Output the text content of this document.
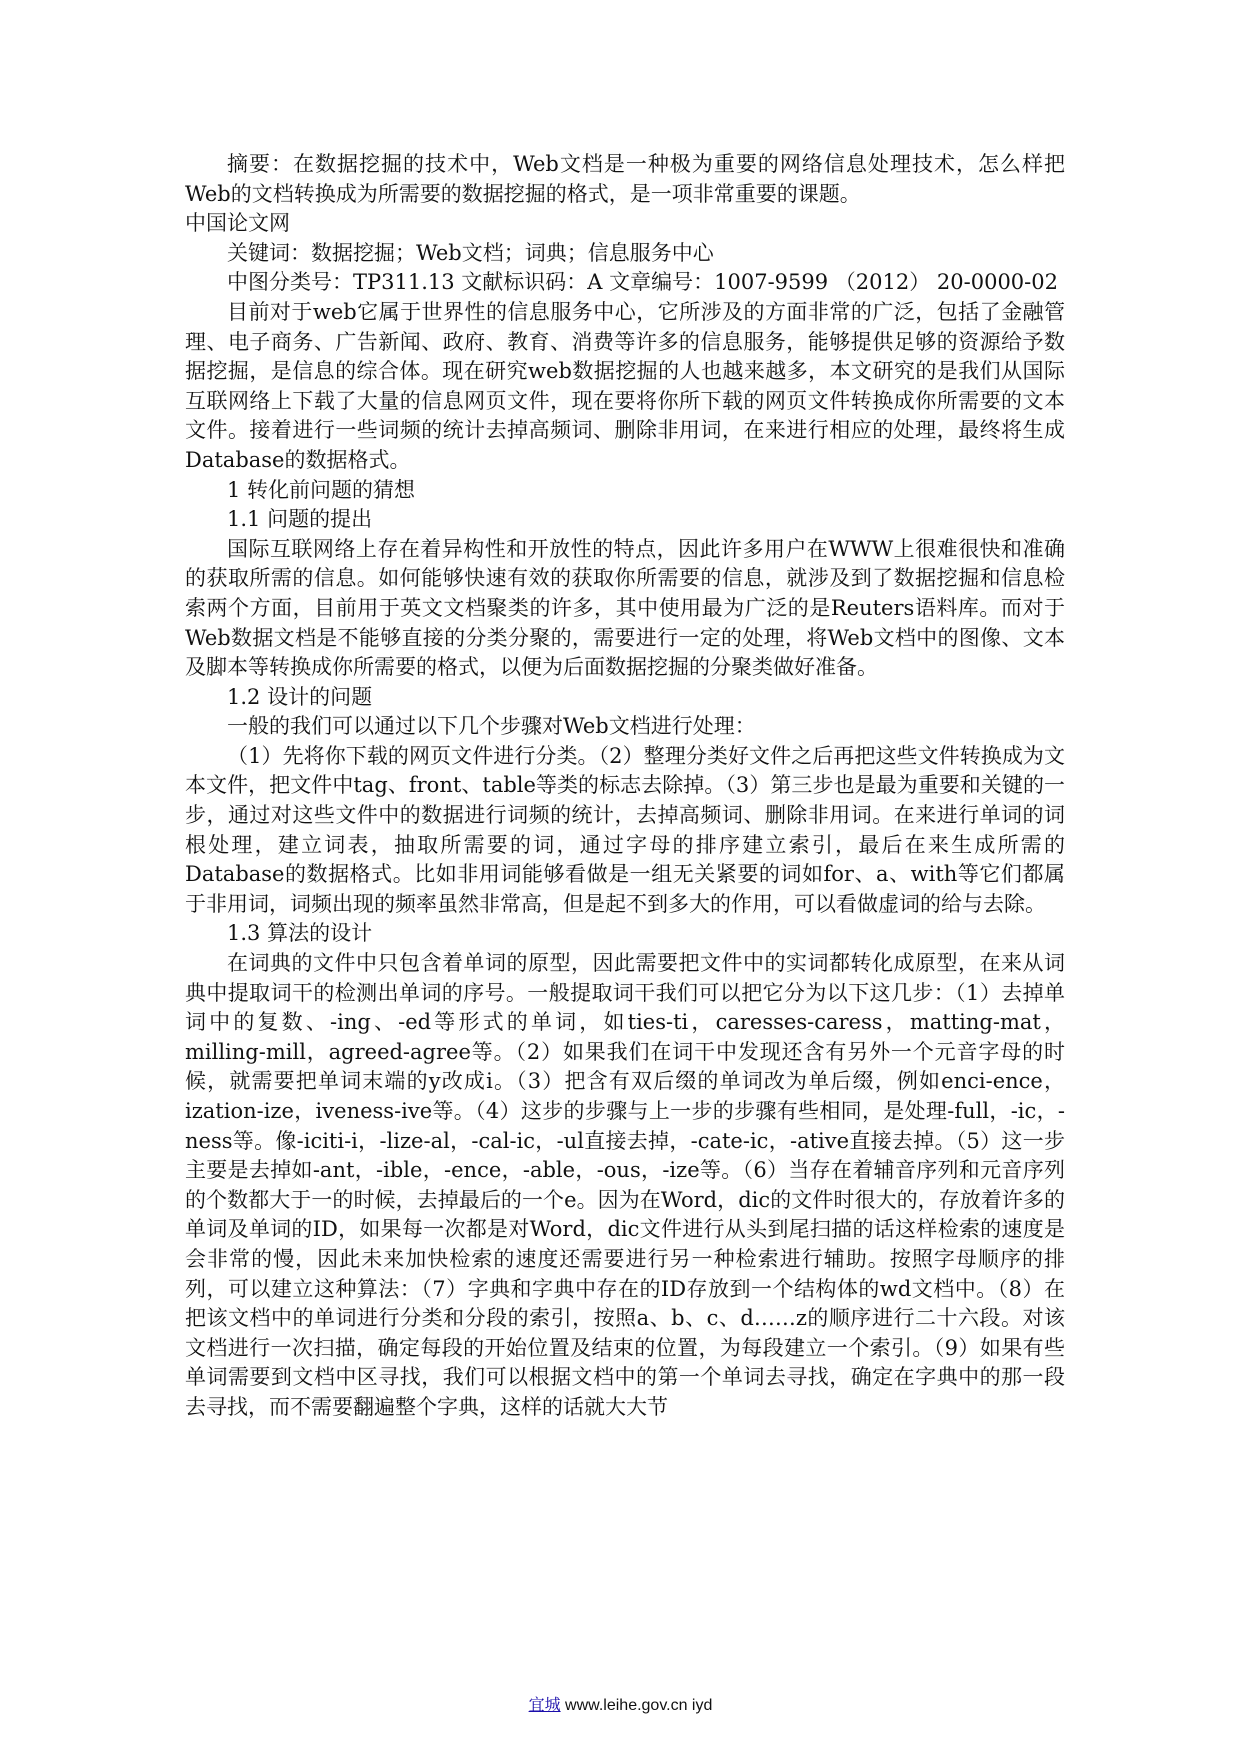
摘要：在数据挖掘的技术中，Web文档是一种极为重要的网络信息处理技术，怎么样把Web的文档转换成为所需要的数据挖掘的格式，是一项非常重要的课题。

中国论文网

关键词：数据挖掘；Web文档；词典；信息服务中心

中图分类号：TP311.13 文献标识码：A 文章编号：1007-9599 （2012） 20-0000-02

目前对于web它属于世界性的信息服务中心，它所涉及的方面非常的广泛，包括了金融管理、电子商务、广告新闻、政府、教育、消费等许多的信息服务，能够提供足够的资源给予数据挖掘，是信息的综合体。现在研究web数据挖掘的人也越来越多，本文研究的是我们从国际互联网络上下载了大量的信息网页文件，现在要将你所下载的网页文件转换成你所需要的文本文件。接着进行一些词频的统计去掉高频词、删除非用词，在来进行相应的处理，最终将生成Database的数据格式。

1 转化前问题的猜想

1.1 问题的提出

国际互联网络上存在着异构性和开放性的特点，因此许多用户在WWW上很难很快和准确的获取所需的信息。如何能够快速有效的获取你所需要的信息，就涉及到了数据挖掘和信息检索两个方面，目前用于英文文档聚类的许多，其中使用最为广泛的是Reuters语料库。而对于Web数据文档是不能够直接的分类分聚的，需要进行一定的处理，将Web文档中的图像、文本及脚本等转换成你所需要的格式，以便为后面数据挖掘的分聚类做好准备。

1.2 设计的问题

一般的我们可以通过以下几个步骤对Web文档进行处理：

（1）先将你下载的网页文件进行分类。（2）整理分类好文件之后再把这些文件转换成为文本文件，把文件中tag、front、table等类的标志去除掉。（3）第三步也是最为重要和关键的一步，通过对这些文件中的数据进行词频的统计，去掉高频词、删除非用词。在来进行单词的词根处理，建立词表，抽取所需要的词，通过字母的排序建立索引，最后在来生成所需的Database的数据格式。比如非用词能够看做是一组无关紧要的词如for、a、with等它们都属于非用词，词频出现的频率虽然非常高，但是起不到多大的作用，可以看做虚词的给与去除。

1.3 算法的设计

在词典的文件中只包含着单词的原型，因此需要把文件中的实词都转化成原型，在来从词典中提取词干的检测出单词的序号。一般提取词干我们可以把它分为以下这几步：（1）去掉单词中的复数、-ing、-ed等形式的单词，如ties-ti，caresses-caress，matting-mat，milling-mill，agreed-agree等。（2）如果我们在词干中发现还含有另外一个元音字母的时候，就需要把单词末端的y改成i。（3）把含有双后缀的单词改为单后缀，例如enci-ence，ization-ize，iveness-ive等。（4）这步的步骤与上一步的步骤有些相同，是处理-full，-ic，-ness等。像-iciti-i，-lize-al，-cal-ic，-ul直接去掉，-cate-ic，-ative直接去掉。（5）这一步主要是去掉如-ant，-ible，-ence，-able，-ous，-ize等。（6）当存在着辅音序列和元音序列的个数都大于一的时候，去掉最后的一个e。因为在Word，dic的文件时很大的，存放着许多的单词及单词的ID，如果每一次都是对Word，dic文件进行从头到尾扫描的话这样检索的速度是会非常的慢，因此未来加快检索的速度还需要进行另一种检索进行辅助。按照字母顺序的排列，可以建立这种算法：（7）字典和字典中存在的ID存放到一个结构体的wd文档中。（8）在把该文档中的单词进行分类和分段的索引，按照a、b、c、d……z的顺序进行二十六段。对该文档进行一次扫描，确定每段的开始位置及结束的位置，为每段建立一个索引。（9）如果有些单词需要到文档中区寻找，我们可以根据文档中的第一个单词去寻找，确定在字典中的那一段去寻找，而不需要翻遍整个字典，这样的话就大大节

宜城 www.leihe.gov.cn iyd
